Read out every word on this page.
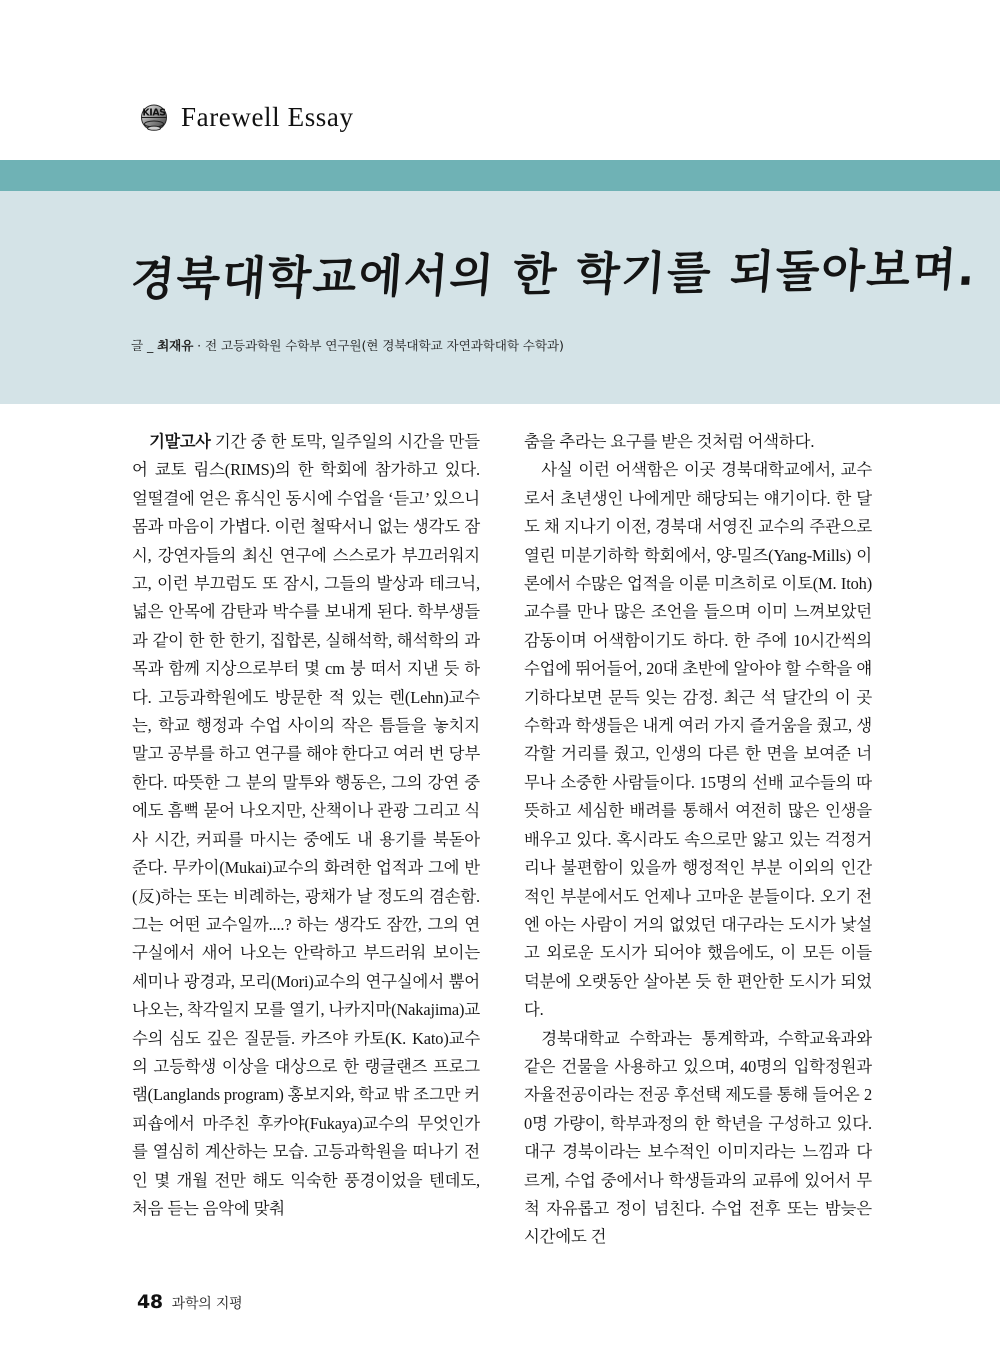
KIAS Farewell Essay
경북대학교에서의 한 학기를 되돌아보며.
글 _ 최재유 · 전 고등과학원 수학부 연구원(현 경북대학교 자연과학대학 수학과)

기말고사 기간 중 한 토막, 일주일의 시간을 만들어 쿄토 림스(RIMS)의 한 학회에 참가하고 있다. 얼떨결에 얻은 휴식인 동시에 수업을 ‘듣고’ 있으니 몸과 마음이 가볍다. 이런 철딱서니 없는 생각도 잠시, 강연자들의 최신 연구에 스스로가 부끄러워지고, 이런 부끄럼도 또 잠시, 그들의 발상과 테크닉, 넓은 안목에 감탄과 박수를 보내게 된다. 학부생들과 같이 한 한 한기, 집합론, 실해석학, 해석학의 과목과 함께 지상으로부터 몇 cm 붕 떠서 지낸 듯 하다. 고등과학원에도 방문한 적 있는 렌(Lehn)교수는, 학교 행정과 수업 사이의 작은 틈들을 놓치지 말고 공부를 하고 연구를 해야 한다고 여러 번 당부한다. 따뜻한 그 분의 말투와 행동은, 그의 강연 중에도 흠뻑 묻어 나오지만, 산책이나 관광 그리고 식사 시간, 커피를 마시는 중에도 내 용기를 북돋아 준다. 무카이(Mukai)교수의 화려한 업적과 그에 반(反)하는 또는 비례하는, 광채가 날 정도의 겸손함. 그는 어떤 교수일까....? 하는 생각도 잠깐, 그의 연구실에서 새어 나오는 안락하고 부드러워 보이는 세미나 광경과, 모리(Mori)교수의 연구실에서 뿜어나오는, 착각일지 모를 열기, 나카지마(Nakajima)교수의 심도 깊은 질문들. 카즈야 카토(K. Kato)교수의 고등학생 이상을 대상으로 한 랭글랜즈 프로그램(Langlands program) 홍보지와, 학교 밖 조그만 커피숍에서 마주친 후카야(Fukaya)교수의 무엇인가를 열심히 계산하는 모습. 고등과학원을 떠나기 전인 몇 개월 전만 해도 익숙한 풍경이었을 텐데도, 처음 듣는 음악에 맞춰

춤을 추라는 요구를 받은 것처럼 어색하다.

사실 이런 어색함은 이곳 경북대학교에서, 교수로서 초년생인 나에게만 해당되는 얘기이다. 한 달도 채 지나기 이전, 경북대 서영진 교수의 주관으로 열린 미분기하학 학회에서, 양-밀즈(Yang-Mills) 이론에서 수많은 업적을 이룬 미츠히로 이토(M. Itoh)교수를 만나 많은 조언을 들으며 이미 느껴보았던 감동이며 어색함이기도 하다. 한 주에 10시간씩의 수업에 뛰어들어, 20대 초반에 알아야 할 수학을 얘기하다보면 문득 잊는 감정. 최근 석 달간의 이 곳 수학과 학생들은 내게 여러 가지 즐거움을 줬고, 생각할 거리를 줬고, 인생의 다른 한 면을 보여준 너무나 소중한 사람들이다. 15명의 선배 교수들의 따뜻하고 세심한 배려를 통해서 여전히 많은 인생을 배우고 있다. 혹시라도 속으로만 앓고 있는 걱정거리나 불편함이 있을까 행정적인 부분 이외의 인간적인 부분에서도 언제나 고마운 분들이다. 오기 전엔 아는 사람이 거의 없었던 대구라는 도시가 낯설고 외로운 도시가 되어야 했음에도, 이 모든 이들 덕분에 오랫동안 살아본 듯 한 편안한 도시가 되었다.

경북대학교 수학과는 통계학과, 수학교육과와 같은 건물을 사용하고 있으며, 40명의 입학정원과 자율전공이라는 전공 후선택 제도를 통해 들어온 20명 가량이, 학부과정의 한 학년을 구성하고 있다. 대구 경북이라는 보수적인 이미지라는 느낌과 다르게, 수업 중에서나 학생들과의 교류에 있어서 무척 자유롭고 정이 넘친다. 수업 전후 또는 밤늦은 시간에도 건

48 과학의 지평
